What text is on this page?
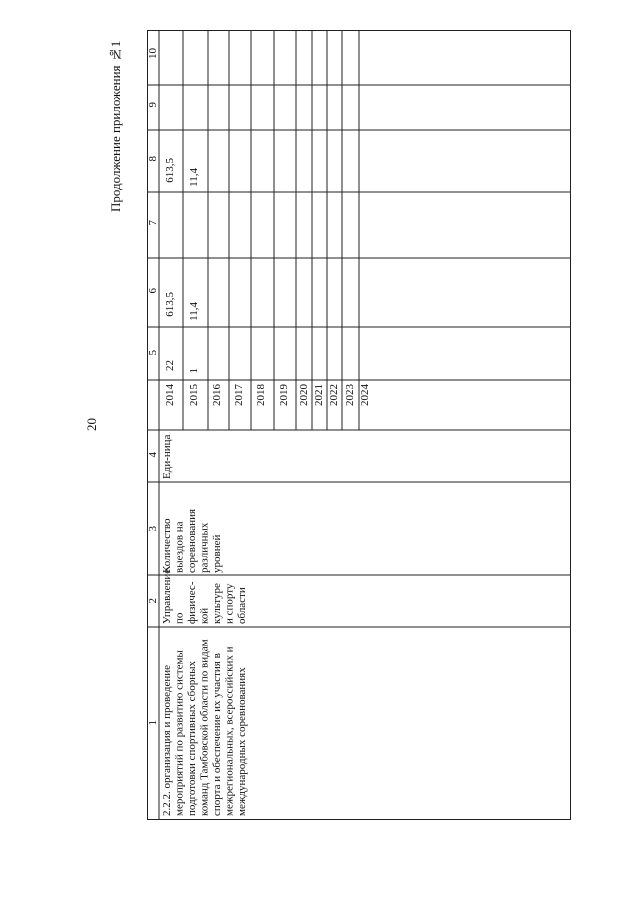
20
Продолжение приложения №1 10
9
8
7
6
5
4
3
2
1 2.2.2. организация и проведение мероприятий по развитию системы подготовки спортивных сборных команд Тамбовской области по видам спорта и обеспечение их участия в межрегиональных, всероссийских и международных соревнованиях
Управление по физичес-кой культуре и спорту области
Количество выездов на соревнования различных уровней
Еди-ница
2014 2015 2016 2017 2018 2019 2020 2021 2022 2023 2024
22 1
613,5 11,4
613,5 11,4
